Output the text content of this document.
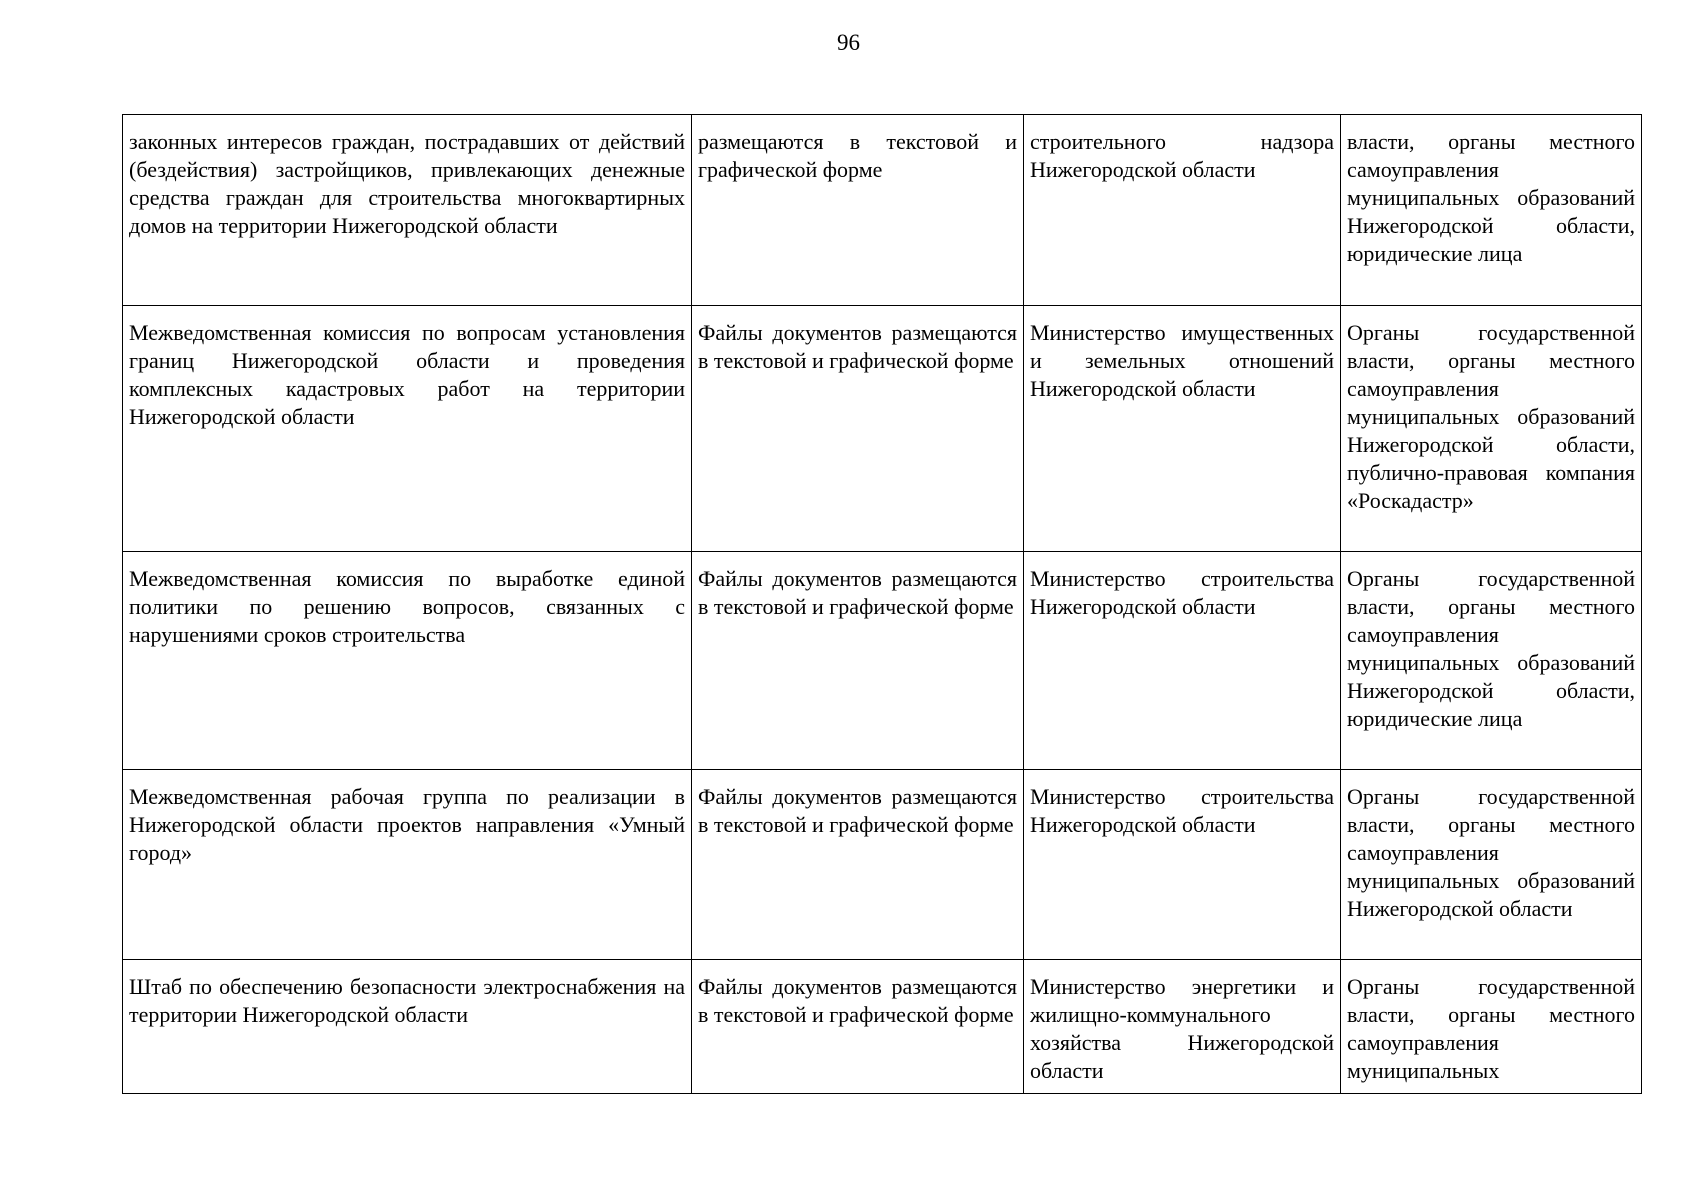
96
законных интересов граждан, пострадавших от действий (бездействия) застройщиков, привлекающих денежные средства граждан для строительства многоквартирных домов на территории Нижегородской области	размещаются в текстовой и графической форме	строительного надзора Нижегородской области	власти, органы местного самоуправления муниципальных образований Нижегородской области, юридические лица
Межведомственная комиссия по вопросам установления границ Нижегородской области и проведения комплексных кадастровых работ на территории Нижегородской области	Файлы документов размещаются в текстовой и графической форме	Министерство имущественных и земельных отношений Нижегородской области	Органы государственной власти, органы местного самоуправления муниципальных образований Нижегородской области, публично-правовая компания «Роскадастр»
Межведомственная комиссия по выработке единой политики по решению вопросов, связанных с нарушениями сроков строительства	Файлы документов размещаются в текстовой и графической форме	Министерство строительства Нижегородской области	Органы государственной власти, органы местного самоуправления муниципальных образований Нижегородской области, юридические лица
Межведомственная рабочая группа по реализации в Нижегородской области проектов направления «Умный город»	Файлы документов размещаются в текстовой и графической форме	Министерство строительства Нижегородской области	Органы государственной власти, органы местного самоуправления муниципальных образований Нижегородской области
Штаб по обеспечению безопасности электроснабжения на территории Нижегородской области	Файлы документов размещаются в текстовой и графической форме	Министерство энергетики и жилищно-коммунального хозяйства Нижегородской области	Органы государственной власти, органы местного самоуправления муниципальных
